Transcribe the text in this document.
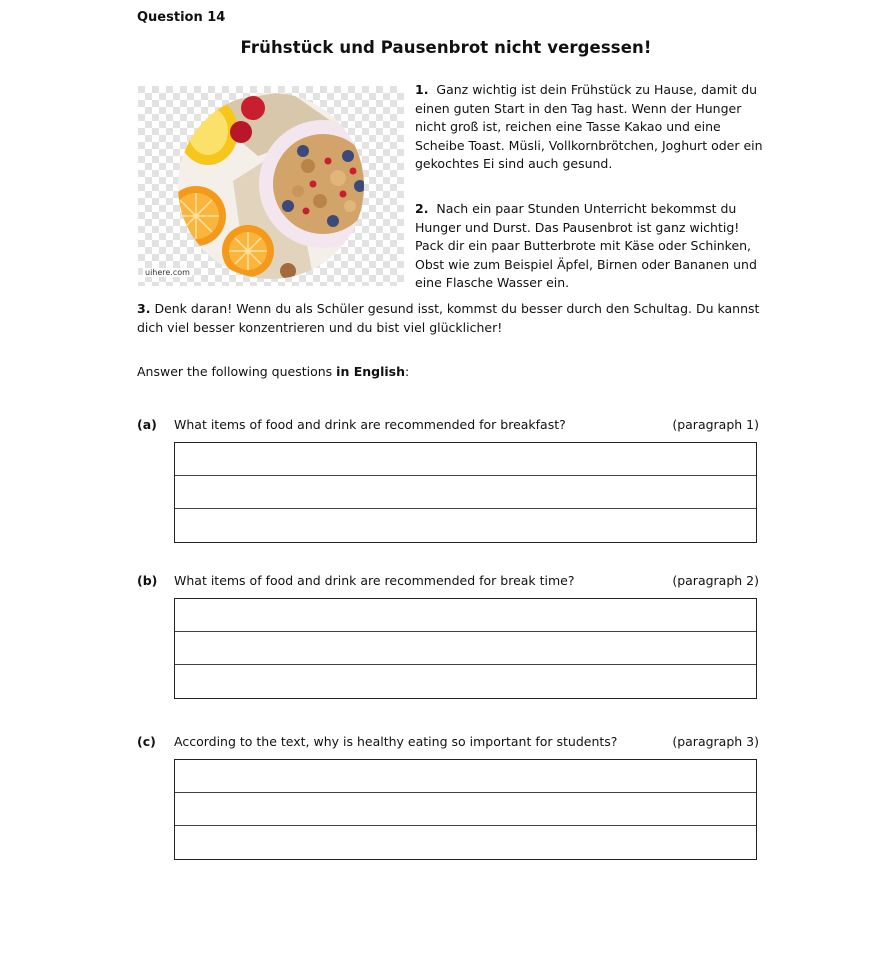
Question 14
Frühstück und Pausenbrot nicht vergessen!
uihere.com

1. Ganz wichtig ist dein Frühstück zu Hause, damit du einen guten Start in den Tag hast. Wenn der Hunger nicht groß ist, reichen eine Tasse Kakao und eine Scheibe Toast. Müsli, Vollkornbrötchen, Joghurt oder ein gekochtes Ei sind auch gesund.

2. Nach ein paar Stunden Unterricht bekommst du Hunger und Durst. Das Pausenbrot ist ganz wichtig! Pack dir ein paar Butterbrote mit Käse oder Schinken, Obst wie zum Beispiel Äpfel, Birnen oder Bananen und eine Flasche Wasser ein.

3. Denk daran! Wenn du als Schüler gesund isst, kommst du besser durch den Schultag. Du kannst dich viel besser konzentrieren und du bist viel glücklicher!

Answer the following questions in English:
(a) What items of food and drink are recommended for breakfast?	(paragraph 1)
(b) What items of food and drink are recommended for break time?	(paragraph 2)
(c) According to the text, why is healthy eating so important for students?	(paragraph 3)
